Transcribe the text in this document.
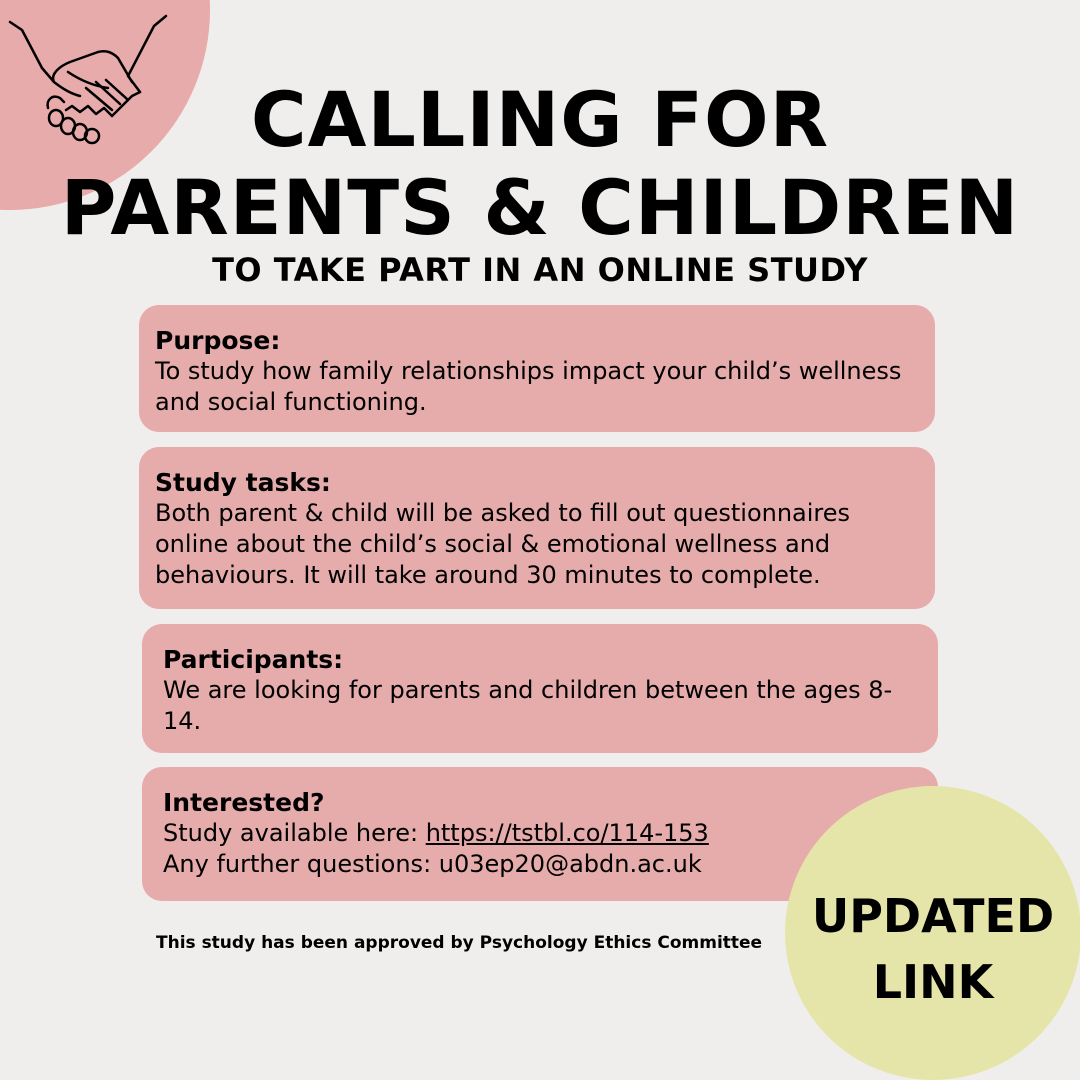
CALLING FOR
PARENTS & CHILDREN
TO TAKE PART IN AN ONLINE STUDY
Purpose:
To study how family relationships impact your child’s wellness and social functioning.
Study tasks:
Both parent & child will be asked to fill out questionnaires online about the child’s social & emotional wellness and behaviours. It will take around 30 minutes to complete.
Participants:
We are looking for parents and children between the ages 8-14.
Interested?
Study available here: https://tstbl.co/114-153
Any further questions: u03ep20@abdn.ac.uk
This study has been approved by Psychology Ethics Committee	UPDATED
LINK
